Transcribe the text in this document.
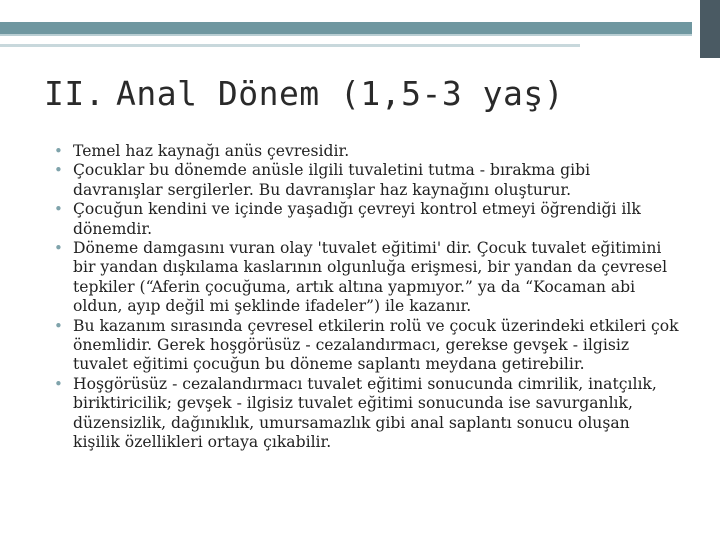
II. Anal Dönem (1,5-3 yaş)
• Temel haz kaynağı anüs çevresidir.
• Çocuklar bu dönemde anüsle ilgili tuvaletini tutma - bırakma gibi davranışlar sergilerler. Bu davranışlar haz kaynağını oluşturur.
• Çocuğun kendini ve içinde yaşadığı çevreyi kontrol etmeyi öğrendiği ilk dönemdir.
• Döneme damgasını vuran olay 'tuvalet eğitimi' dir. Çocuk tuvalet eğitimini bir yandan dışkılama kaslarının olgunluğa erişmesi, bir yandan da çevresel tepkiler (“Aferin çocuğuma, artık altına yapmıyor.” ya da “Kocaman abi oldun, ayıp değil mi şeklinde ifadeler”) ile kazanır.
• Bu kazanım sırasında çevresel etkilerin rolü ve çocuk üzerindeki etkileri çok önemlidir. Gerek hoşgörüsüz - cezalandırmacı, gerekse gevşek - ilgisiz tuvalet eğitimi çocuğun bu döneme saplantı meydana getirebilir.
• Hoşgörüsüz - cezalandırmacı tuvalet eğitimi sonucunda cimrilik, inatçılık, biriktiricilik; gevşek - ilgisiz tuvalet eğitimi sonucunda ise savurganlık, düzensizlik, dağınıklık, umursamazlık gibi anal saplantı sonucu oluşan kişilik özellikleri ortaya çıkabilir.
